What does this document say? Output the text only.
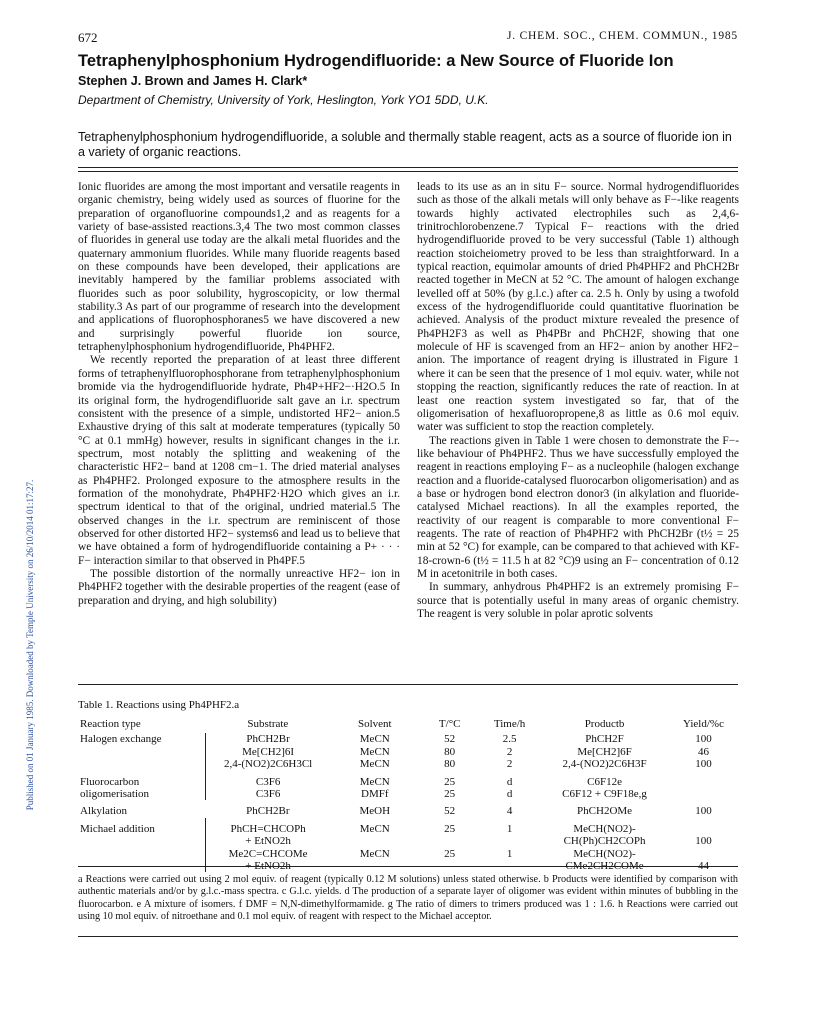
Published on 01 January 1985. Downloaded by Temple University on 26/10/2014 01:17:27.
672	J. CHEM. SOC., CHEM. COMMUN., 1985
Tetraphenylphosphonium Hydrogendifluoride: a New Source of Fluoride Ion
Stephen J. Brown and James H. Clark*
Department of Chemistry, University of York, Heslington, York YO1 5DD, U.K.
Tetraphenylphosphonium hydrogendifluoride, a soluble and thermally stable reagent, acts as a source of fluoride ion in a variety of organic reactions.

Ionic fluorides are among the most important and versatile reagents in organic chemistry, being widely used as sources of fluorine for the preparation of organofluorine compounds1,2 and as reagents for a variety of base-assisted reactions.3,4 The two most common classes of fluorides in general use today are the alkali metal fluorides and the quaternary ammonium fluorides. While many fluoride reagents based on these compounds have been developed, their applications are inevitably hampered by the familiar problems associated with fluorides such as poor solubility, hygroscopicity, or low thermal stability.3 As part of our programme of research into the development and applications of fluorophosphoranes5 we have discovered a new and surprisingly powerful fluoride ion source, tetraphenylphosphonium hydrogendifluoride, Ph4PHF2.

We recently reported the preparation of at least three different forms of tetraphenylfluorophosphorane from tetraphenylphosphonium bromide via the hydrogendifluoride hydrate, Ph4P+HF2−·H2O.5 In its original form, the hydrogendifluoride salt gave an i.r. spectrum consistent with the presence of a simple, undistorted HF2− anion.5 Exhaustive drying of this salt at moderate temperatures (typically 50 °C at 0.1 mmHg) however, results in significant changes in the i.r. spectrum, most notably the splitting and weakening of the characteristic HF2− band at 1208 cm−1. The dried material analyses as Ph4PHF2. Prolonged exposure to the atmosphere results in the formation of the monohydrate, Ph4PHF2·H2O which gives an i.r. spectrum identical to that of the original, undried material.5 The observed changes in the i.r. spectrum are reminiscent of those observed for other distorted HF2− systems6 and lead us to believe that we have obtained a form of hydrogendifluoride containing a P+ · · · F− interaction similar to that observed in Ph4PF.5

The possible distortion of the normally unreactive HF2− ion in Ph4PHF2 together with the desirable properties of the reagent (ease of preparation and drying, and high solubility)

leads to its use as an in situ F− source. Normal hydrogendifluorides such as those of the alkali metals will only behave as F−-like reagents towards highly activated electrophiles such as 2,4,6-trinitrochlorobenzene.7 Typical F− reactions with the dried hydrogendifluoride proved to be very successful (Table 1) although reaction stoicheiometry proved to be less than straightforward. In a typical reaction, equimolar amounts of dried Ph4PHF2 and PhCH2Br reacted together in MeCN at 52 °C. The amount of halogen exchange levelled off at 50% (by g.l.c.) after ca. 2.5 h. Only by using a twofold excess of the hydrogendifluoride could quantitative fluorination be achieved. Analysis of the product mixture revealed the presence of Ph4PH2F3 as well as Ph4PBr and PhCH2F, showing that one molecule of HF is scavenged from an HF2− anion by another HF2− anion. The importance of reagent drying is illustrated in Figure 1 where it can be seen that the presence of 1 mol equiv. water, while not stopping the reaction, significantly reduces the rate of reaction. In at least one reaction system investigated so far, that of the oligomerisation of hexafluoropropene,8 as little as 0.6 mol equiv. water was sufficient to stop the reaction completely.

The reactions given in Table 1 were chosen to demonstrate the F−-like behaviour of Ph4PHF2. Thus we have successfully employed the reagent in reactions employing F− as a nucleophile (halogen exchange reaction and a fluoride-catalysed fluorocarbon oligomerisation) and as a base or hydrogen bond electron donor3 (in alkylation and fluoride-catalysed Michael reactions). In all the examples reported, the reactivity of our reagent is comparable to more conventional F− reagents. The rate of reaction of Ph4PHF2 with PhCH2Br (t½ = 25 min at 52 °C) for example, can be compared to that achieved with KF-18-crown-6 (t½ = 11.5 h at 82 °C)9 using an F− concentration of 0.12 M in acetonitrile in both cases.

In summary, anhydrous Ph4PHF2 is an extremely promising F− source that is potentially useful in many areas of organic chemistry. The reagent is very soluble in polar aprotic solvents

Table 1. Reactions using Ph4PHF2.a
Reaction type	Substrate	Solvent	T/°C	Time/h	Productb	Yield/%c
Halogen exchange	PhCH2Br	MeCN	52	2.5	PhCH2F	100
	Me[CH2]6I	MeCN	80	2	Me[CH2]6F	46
	2,4-(NO2)2C6H3Cl	MeCN	80	2	2,4-(NO2)2C6H3F	100
Fluorocarbon	C3F6	MeCN	25	d	C6F12e	
oligomerisation	C3F6	DMFf	25	d	C6F12 + C9F18e,g	
Alkylation	PhCH2Br	MeOH	52	4	PhCH2OMe	100
Michael addition	PhCH=CHCOPh	MeCN	25	1	MeCH(NO2)-	
	+ EtNO2h				CH(Ph)CH2COPh	100
	Me2C=CHCOMe	MeCN	25	1	MeCH(NO2)-	
	+ EtNO2h				CMe2CH2COMe	44
a Reactions were carried out using 2 mol equiv. of reagent (typically 0.12 M solutions) unless stated otherwise. b Products were identified by comparison with authentic materials and/or by g.l.c.-mass spectra. c G.l.c. yields. d The production of a separate layer of oligomer was evident within minutes of bubbling in the fluorocarbon. e A mixture of isomers. f DMF = N,N-dimethylformamide. g The ratio of dimers to trimers produced was 1 : 1.6. h Reactions were carried out using 10 mol equiv. of nitroethane and 0.1 mol equiv. of reagent with respect to the Michael acceptor.
